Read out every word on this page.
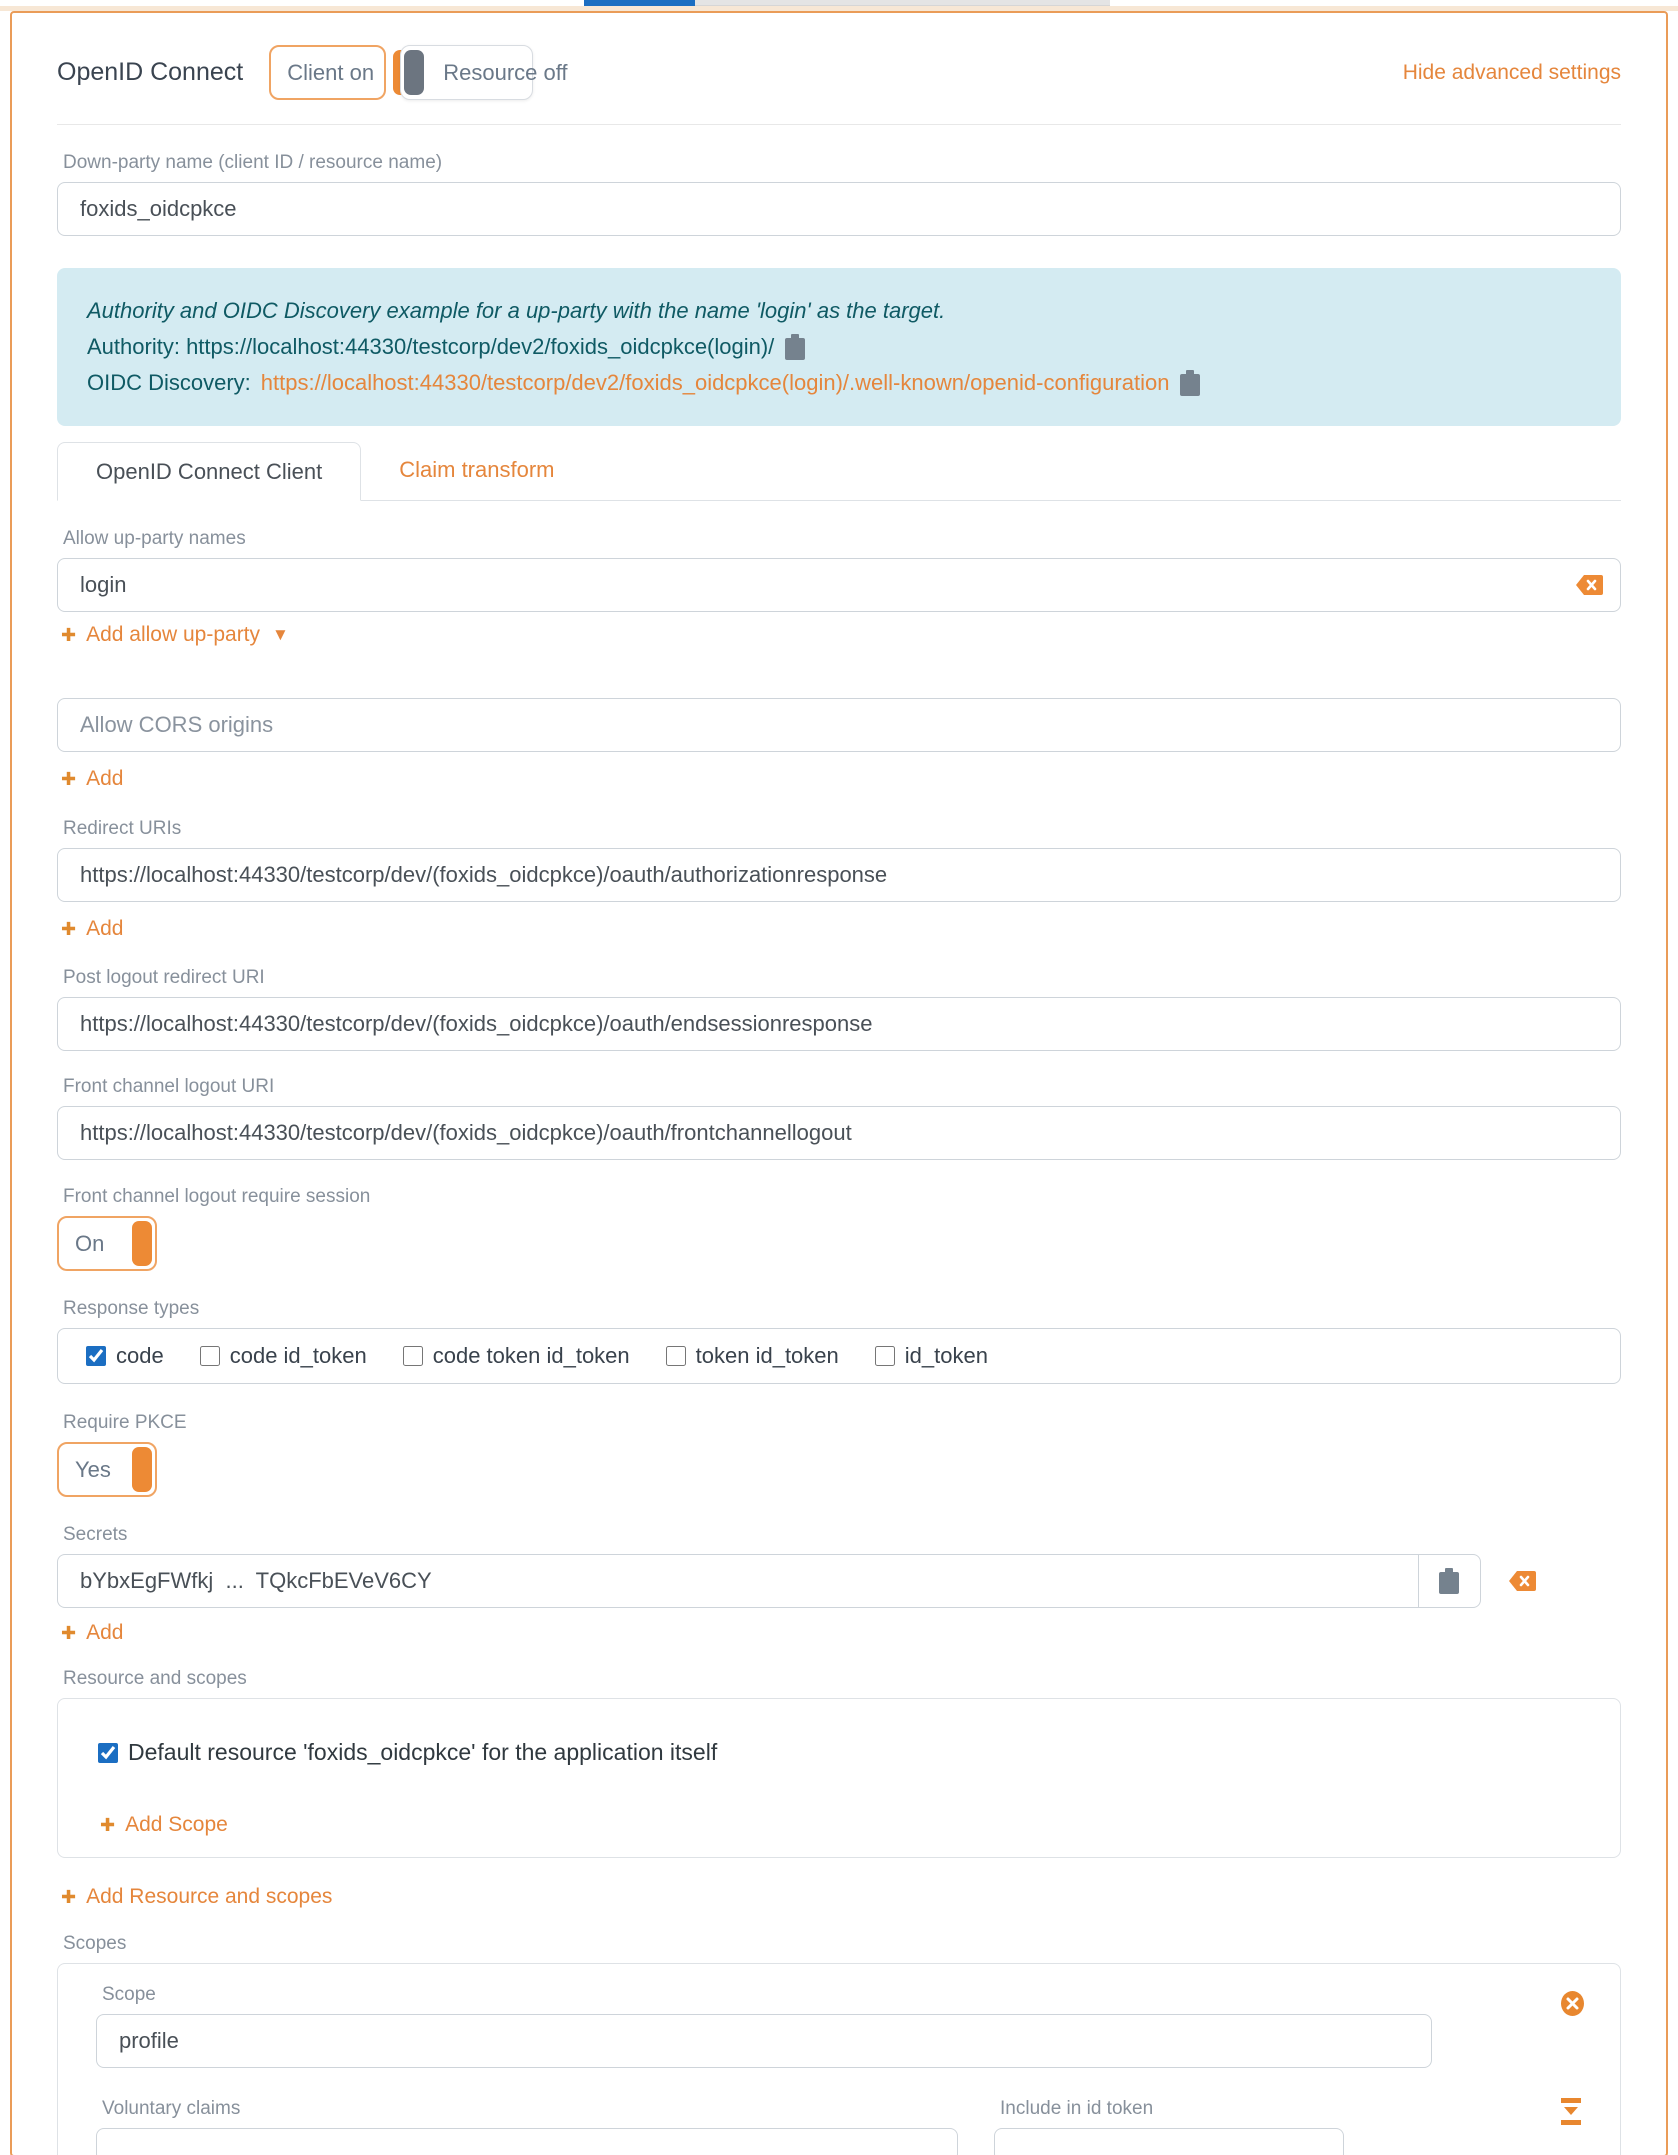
OpenID Connect	Client on	Resource off	Hide advanced settings
Down-party name (client ID / resource name)
foxids_oidcpkce
Authority and OIDC Discovery example for a up-party with the name 'login' as the target.
Authority: https://localhost:44330/testcorp/dev2/foxids_oidcpkce(login)/
OIDC Discovery: https://localhost:44330/testcorp/dev2/foxids_oidcpkce(login)/.well-known/openid-configuration
OpenID Connect Client	Claim transform
Allow up-party names
login
✚ Add allow up-party ▼
Allow CORS origins
✚ Add
Redirect URIs
https://localhost:44330/testcorp/dev/(foxids_oidcpkce)/oauth/authorizationresponse
✚ Add
Post logout redirect URI
https://localhost:44330/testcorp/dev/(foxids_oidcpkce)/oauth/endsessionresponse
Front channel logout URI
https://localhost:44330/testcorp/dev/(foxids_oidcpkce)/oauth/frontchannellogout
Front channel logout require session
On
Response types
code	code id_token	code token id_token	token id_token	id_token
Require PKCE
Yes
Secrets
bYbxEgFWfkj ... TQkcFbEVeV6CY
✚ Add
Resource and scopes
Default resource 'foxids_oidcpkce' for the application itself

✚ Add Scope
✚ Add Resource and scopes
Scopes
Scope
profile
Voluntary claims	Include in id token
